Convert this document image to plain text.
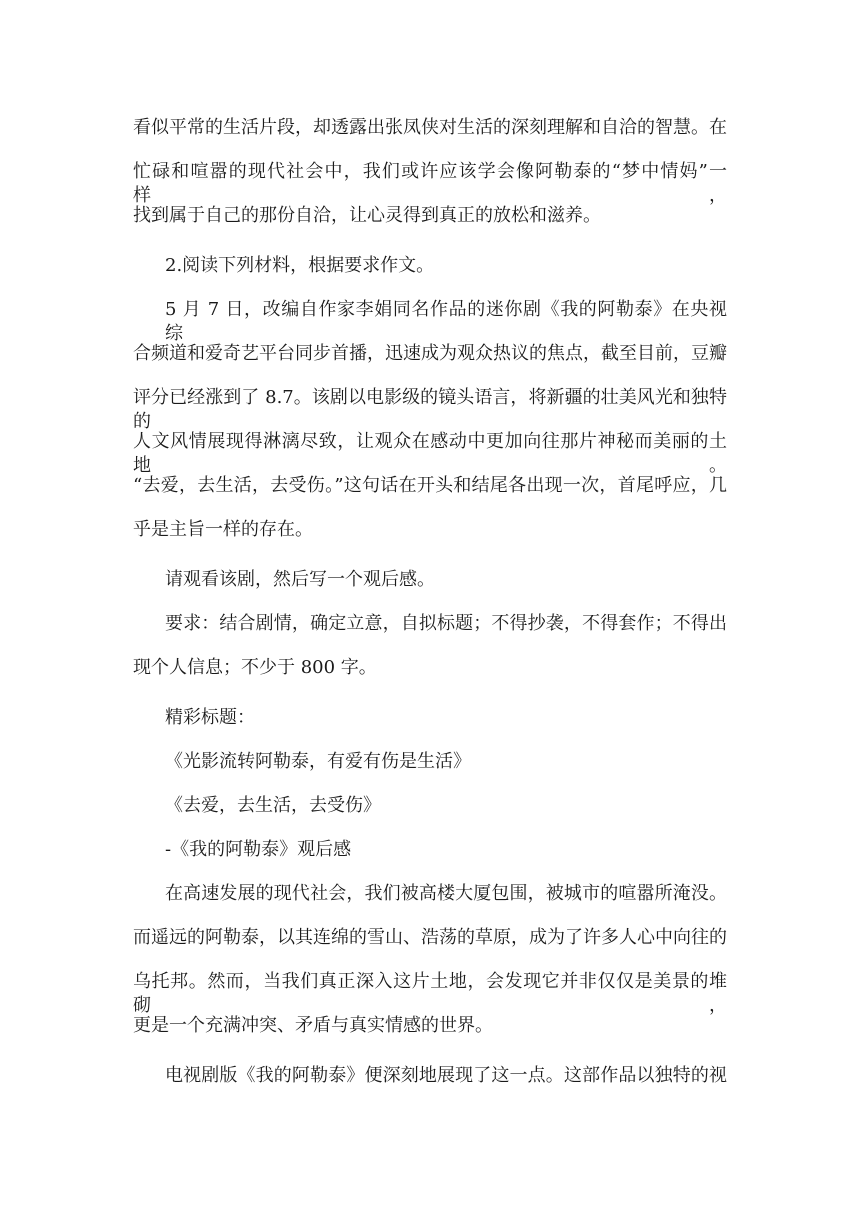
看似平常的生活片段，却透露出张凤侠对生活的深刻理解和自洽的智慧。在
忙碌和喧嚣的现代社会中，我们或许应该学会像阿勒泰的“梦中情妈”一样，
找到属于自己的那份自洽，让心灵得到真正的放松和滋养。
2.阅读下列材料，根据要求作文。
5 月 7 日，改编自作家李娟同名作品的迷你剧《我的阿勒泰》在央视综
合频道和爱奇艺平台同步首播，迅速成为观众热议的焦点，截至目前，豆瓣
评分已经涨到了 8.7。该剧以电影级的镜头语言，将新疆的壮美风光和独特的
人文风情展现得淋漓尽致，让观众在感动中更加向往那片神秘而美丽的土地。
“去爱，去生活，去受伤。”这句话在开头和结尾各出现一次，首尾呼应，几
乎是主旨一样的存在。
请观看该剧，然后写一个观后感。
要求：结合剧情，确定立意，自拟标题；不得抄袭，不得套作；不得出
现个人信息；不少于 800 字。
精彩标题：
《光影流转阿勒泰，有爱有伤是生活》
《去爱，去生活，去受伤》
-《我的阿勒泰》观后感
在高速发展的现代社会，我们被高楼大厦包围，被城市的喧嚣所淹没。
而遥远的阿勒泰，以其连绵的雪山、浩荡的草原，成为了许多人心中向往的
乌托邦。然而，当我们真正深入这片土地，会发现它并非仅仅是美景的堆砌，
更是一个充满冲突、矛盾与真实情感的世界。
电视剧版《我的阿勒泰》便深刻地展现了这一点。这部作品以独特的视
